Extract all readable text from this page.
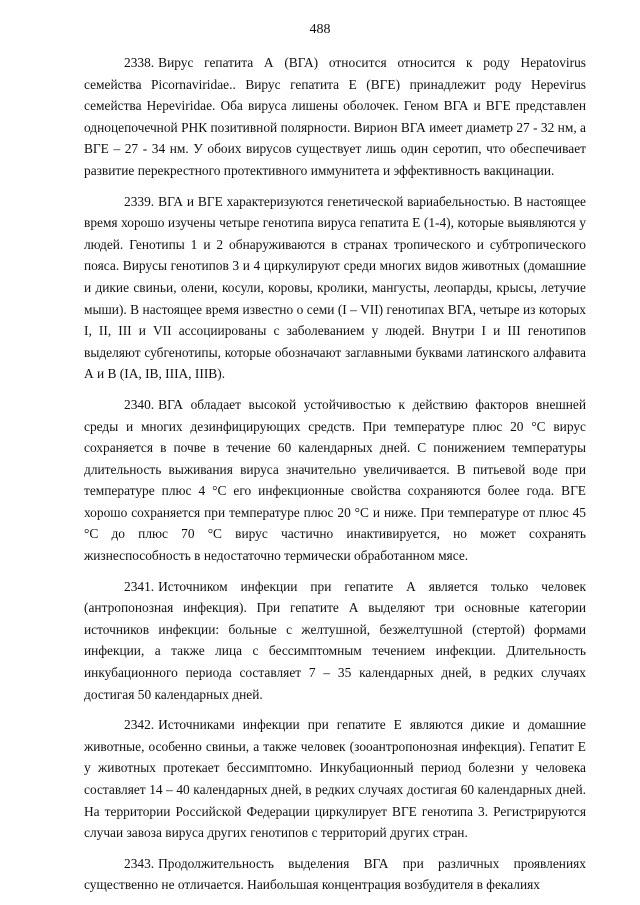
488

2338. Вирус гепатита А (ВГА) относится относится к роду Hepatovirus семейства Picornaviridae.. Вирус гепатита Е (ВГЕ) принадлежит роду Hepevirus семейства Hepeviridae. Оба вируса лишены оболочек. Геном ВГА и ВГЕ представлен одноцепочечной РНК позитивной полярности. Вирион ВГА имеет диаметр 27 - 32 нм, а ВГЕ – 27 - 34 нм. У обоих вирусов существует лишь один серотип, что обеспечивает развитие перекрестного протективного иммунитета и эффективность вакцинации.

2339. ВГА и ВГЕ характеризуются генетической вариабельностью. В настоящее время хорошо изучены четыре генотипа вируса гепатита Е (1-4), которые выявляются у людей. Генотипы 1 и 2 обнаруживаются в странах тропического и субтропического пояса. Вирусы генотипов 3 и 4 циркулируют среди многих видов животных (домашние и дикие свиньи, олени, косули, коровы, кролики, мангусты, леопарды, крысы, летучие мыши). В настоящее время известно о семи (I – VII) генотипах ВГА, четыре из которых I, II, III и VII ассоциированы с заболеванием у людей. Внутри I и III генотипов выделяют субгенотипы, которые обозначают заглавными буквами латинского алфавита А и В (IA, IB, IIIA, IIIB).

2340. ВГА обладает высокой устойчивостью к действию факторов внешней среды и многих дезинфицирующих средств. При температуре плюс 20 °С вирус сохраняется в почве в течение 60 календарных дней. С понижением температуры длительность выживания вируса значительно увеличивается. В питьевой воде при температуре плюс 4 °С его инфекционные свойства сохраняются более года. ВГЕ хорошо сохраняется при температуре плюс 20 °С и ниже. При температуре от плюс 45 °С до плюс 70 °С вирус частично инактивируется, но может сохранять жизнеспособность в недостаточно термически обработанном мясе.

2341. Источником инфекции при гепатите А является только человек (антропонозная инфекция). При гепатите А выделяют три основные категории источников инфекции: больные с желтушной, безжелтушной (стертой) формами инфекции, а также лица с бессимптомным течением инфекции. Длительность инкубационного периода составляет 7 – 35 календарных дней, в редких случаях достигая 50 календарных дней.

2342. Источниками инфекции при гепатите Е являются дикие и домашние животные, особенно свиньи, а также человек (зооантропонозная инфекция). Гепатит Е у животных протекает бессимптомно. Инкубационный период болезни у человека составляет 14 – 40 календарных дней, в редких случаях достигая 60 календарных дней. На территории Российской Федерации циркулирует ВГЕ генотипа 3. Регистрируются случаи завоза вируса других генотипов с территорий других стран.

2343. Продолжительность выделения ВГА при различных проявлениях существенно не отличается. Наибольшая концентрация возбудителя в фекалиях
